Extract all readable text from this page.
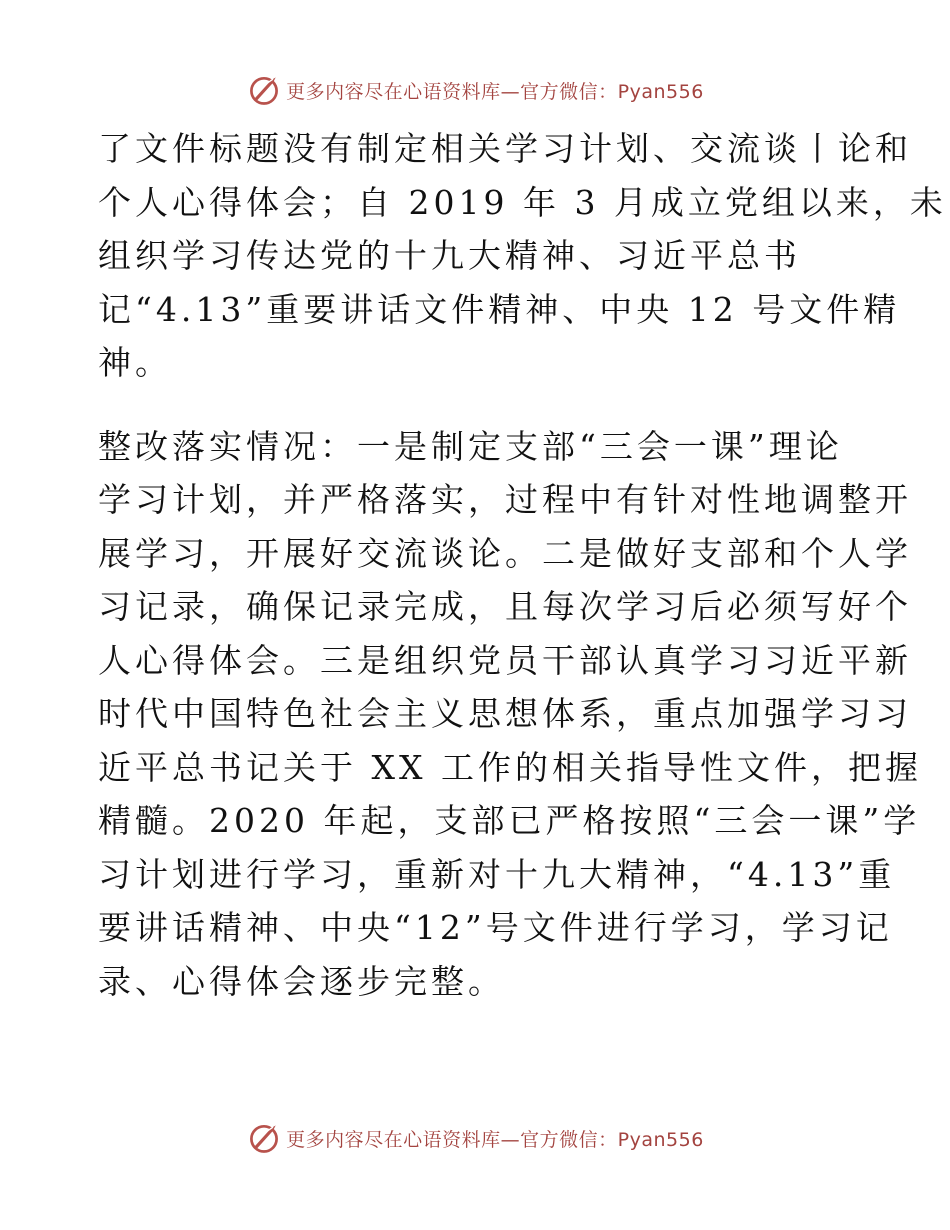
更多内容尽在心语资料库—官方微信：Pyan556
了文件标题没有制定相关学习计划、交流谈丨论和
个人心得体会；自 2019 年 3 月成立党组以来，未
组织学习传达党的十九大精神、习近平总书
记“4.13”重要讲话文件精神、中央 12 号文件精
神。
整改落实情况：一是制定支部“三会一课”理论
学习计划，并严格落实，过程中有针对性地调整开
展学习，开展好交流谈论。二是做好支部和个人学
习记录，确保记录完成，且每次学习后必须写好个
人心得体会。三是组织党员干部认真学习习近平新
时代中国特色社会主义思想体系，重点加强学习习
近平总书记关于 XX 工作的相关指导性文件，把握
精髓。2020 年起，支部已严格按照“三会一课”学
习计划进行学习，重新对十九大精神，“4.13”重
要讲话精神、中央“12”号文件进行学习，学习记
录、心得体会逐步完整。
更多内容尽在心语资料库—官方微信：Pyan556
